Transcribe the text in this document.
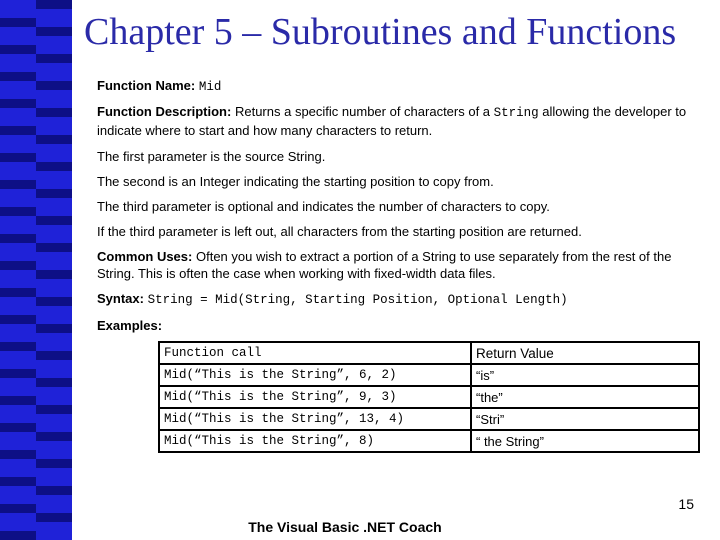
Chapter 5 – Subroutines and Functions

Function Name: Mid

Function Description: Returns a specific number of characters of a String allowing the developer to indicate where to start and how many characters to return.

The first parameter is the source String.

The second is an Integer indicating the starting position to copy from.

The third parameter is optional and indicates the number of characters to copy.

If the third parameter is left out, all characters from the starting position are returned.

Common Uses: Often you wish to extract a portion of a String to use separately from the rest of the String. This is often the case when working with fixed-width data files.

Syntax: String = Mid(String, Starting Position, Optional Length)

Examples:

Function call	Return Value
Mid(“This is the String”, 6, 2)	“is”
Mid(“This is the String”, 9, 3)	“the”
Mid(“This is the String”, 13, 4)	“Stri”
Mid(“This is the String”, 8)	“ the String”
15
The Visual Basic .NET Coach
